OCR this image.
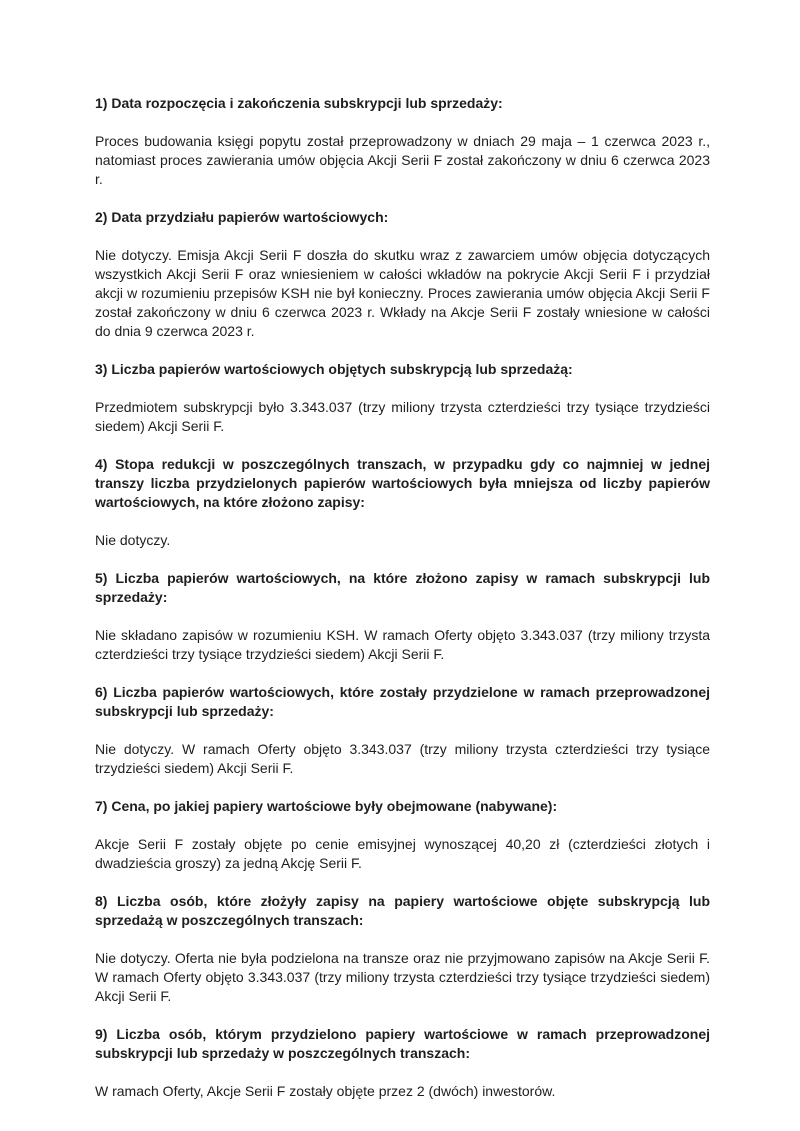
1) Data rozpoczęcia i zakończenia subskrypcji lub sprzedaży:

Proces budowania księgi popytu został przeprowadzony w dniach 29 maja – 1 czerwca 2023 r., natomiast proces zawierania umów objęcia Akcji Serii F został zakończony w dniu 6 czerwca 2023 r.

2) Data przydziału papierów wartościowych:

Nie dotyczy. Emisja Akcji Serii F doszła do skutku wraz z zawarciem umów objęcia dotyczących wszystkich Akcji Serii F oraz wniesieniem w całości wkładów na pokrycie Akcji Serii F i przydział akcji w rozumieniu przepisów KSH nie był konieczny. Proces zawierania umów objęcia Akcji Serii F został zakończony w dniu 6 czerwca 2023 r. Wkłady na Akcje Serii F zostały wniesione w całości do dnia 9 czerwca 2023 r.

3) Liczba papierów wartościowych objętych subskrypcją lub sprzedażą:

Przedmiotem subskrypcji było 3.343.037 (trzy miliony trzysta czterdzieści trzy tysiące trzydzieści siedem) Akcji Serii F.

4) Stopa redukcji w poszczególnych transzach, w przypadku gdy co najmniej w jednej transzy liczba przydzielonych papierów wartościowych była mniejsza od liczby papierów wartościowych, na które złożono zapisy:

Nie dotyczy.

5) Liczba papierów wartościowych, na które złożono zapisy w ramach subskrypcji lub sprzedaży:

Nie składano zapisów w rozumieniu KSH. W ramach Oferty objęto 3.343.037 (trzy miliony trzysta czterdzieści trzy tysiące trzydzieści siedem) Akcji Serii F.

6) Liczba papierów wartościowych, które zostały przydzielone w ramach przeprowadzonej subskrypcji lub sprzedaży:

Nie dotyczy. W ramach Oferty objęto 3.343.037 (trzy miliony trzysta czterdzieści trzy tysiące trzydzieści siedem) Akcji Serii F.

7) Cena, po jakiej papiery wartościowe były obejmowane (nabywane):

Akcje Serii F zostały objęte po cenie emisyjnej wynoszącej 40,20 zł (czterdzieści złotych i dwadzieścia groszy) za jedną Akcję Serii F.

8) Liczba osób, które złożyły zapisy na papiery wartościowe objęte subskrypcją lub sprzedażą w poszczególnych transzach:

Nie dotyczy. Oferta nie była podzielona na transze oraz nie przyjmowano zapisów na Akcje Serii F. W ramach Oferty objęto 3.343.037 (trzy miliony trzysta czterdzieści trzy tysiące trzydzieści siedem) Akcji Serii F.

9) Liczba osób, którym przydzielono papiery wartościowe w ramach przeprowadzonej subskrypcji lub sprzedaży w poszczególnych transzach:

W ramach Oferty, Akcje Serii F zostały objęte przez 2 (dwóch) inwestorów.
